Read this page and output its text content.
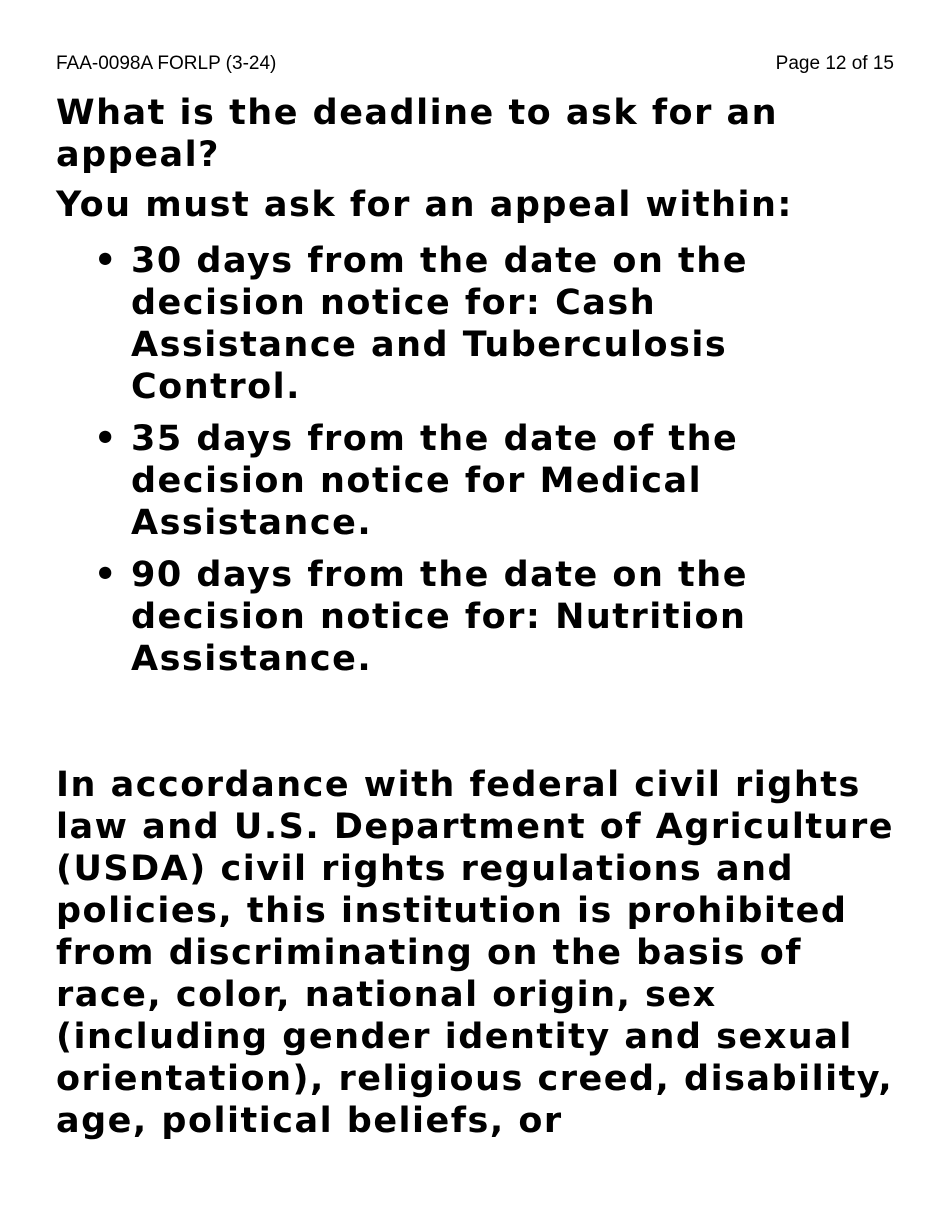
FAA-0098A FORLP (3-24)	Page 12 of 15
What is the deadline to ask for an appeal?

You must ask for an appeal within:

• 30 days from the date on the decision notice for: Cash Assistance and Tuberculosis Control.
• 35 days from the date of the decision notice for Medical Assistance.
• 90 days from the date on the decision notice for: Nutrition Assistance.

In accordance with federal civil rights law and U.S. Department of Agriculture (USDA) civil rights regulations and policies, this institution is prohibited from discriminating on the basis of race, color, national origin, sex (including gender identity and sexual orientation), religious creed, disability, age, political beliefs, or
